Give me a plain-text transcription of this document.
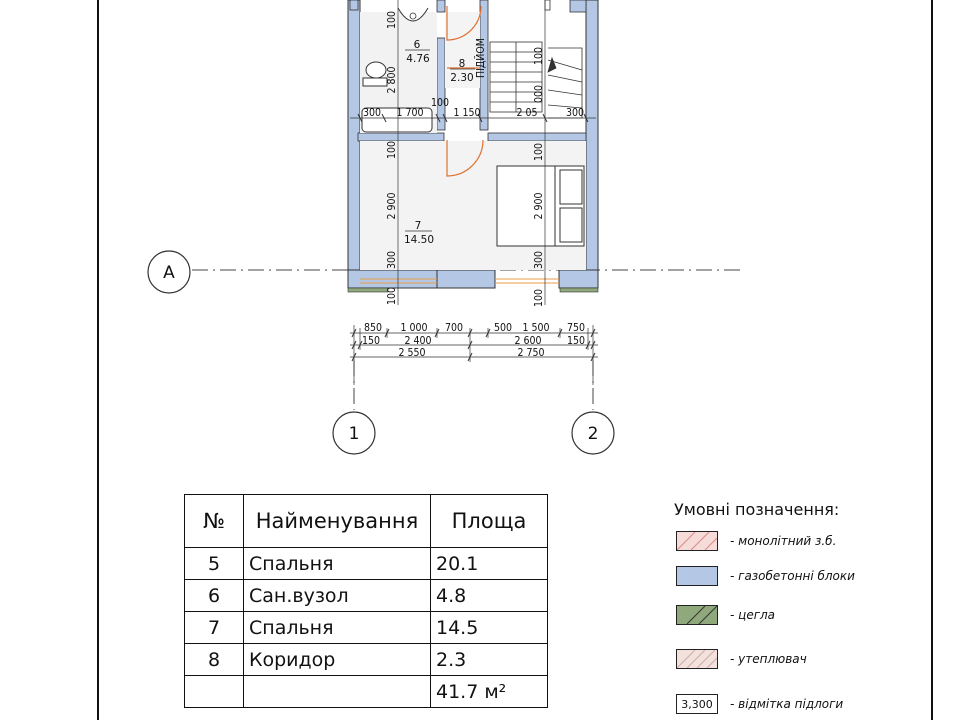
6
4.76	8
2.30
7
14.50
ПІДЙОМ
300 1 700
100
1 150	2 05	300
100
2 800
100
2 900
300
100
100
000
100
2 900
300
100
850 1 000 700	500 1 500 750
150 2 400	2 600 150
2 550	2 750
А
1	2
№	Найменування	Площа
5	Спальня	20.1
6	Сан.вузол	4.8
7	Спальня	14.5
8	Коридор	2.3
		41.7 м²
Умовні позначення:
- монолітний з.б.
- газобетонні блоки
- цегла
- утеплювач
3,300	- відмітка підлоги
